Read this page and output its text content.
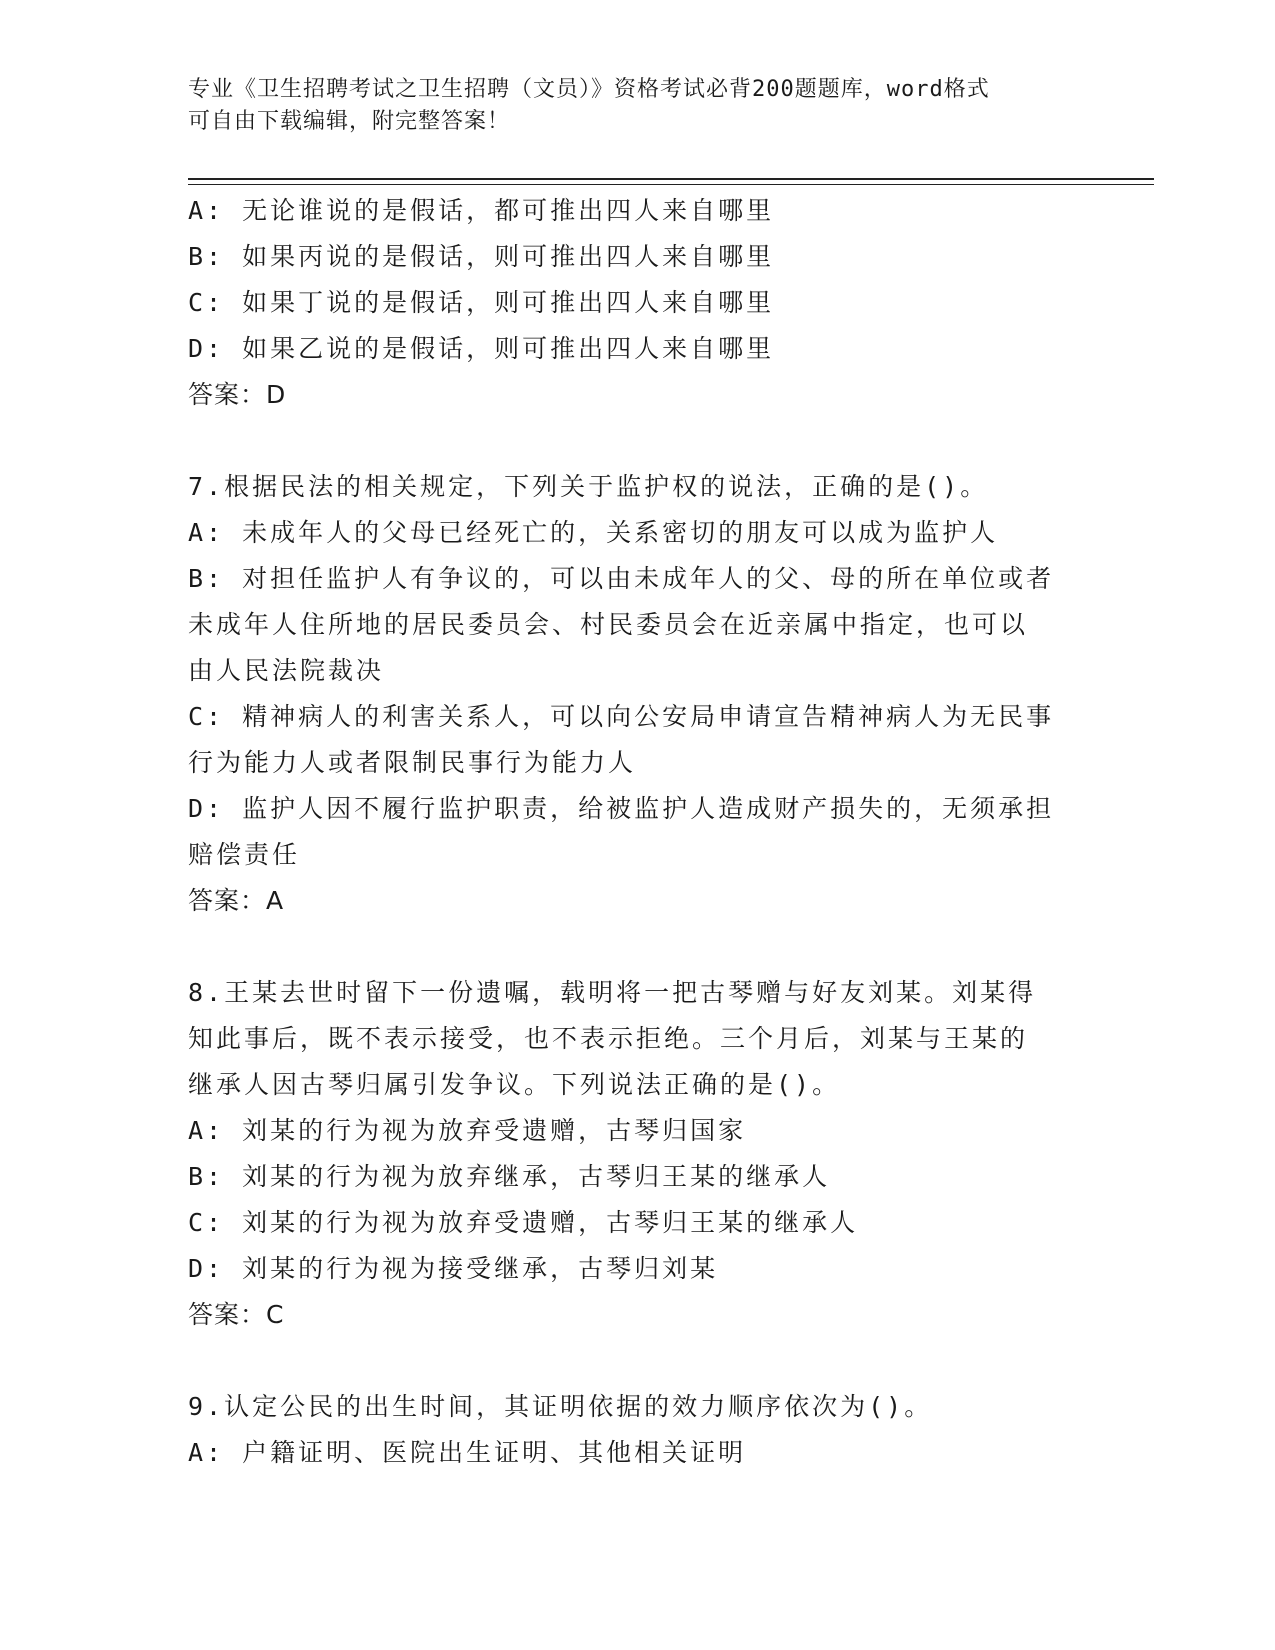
专业《卫生招聘考试之卫生招聘（文员）》资格考试必背200题题库，word格式
可自由下载编辑，附完整答案！
A: 无论谁说的是假话，都可推出四人来自哪里
B: 如果丙说的是假话，则可推出四人来自哪里
C: 如果丁说的是假话，则可推出四人来自哪里
D: 如果乙说的是假话，则可推出四人来自哪里
答案：D
7.根据民法的相关规定，下列关于监护权的说法，正确的是()。
A: 未成年人的父母已经死亡的，关系密切的朋友可以成为监护人
B: 对担任监护人有争议的，可以由未成年人的父、母的所在单位或者
未成年人住所地的居民委员会、村民委员会在近亲属中指定，也可以
由人民法院裁决
C: 精神病人的利害关系人，可以向公安局申请宣告精神病人为无民事
行为能力人或者限制民事行为能力人
D: 监护人因不履行监护职责，给被监护人造成财产损失的，无须承担
赔偿责任
答案：A
8.王某去世时留下一份遗嘱，载明将一把古琴赠与好友刘某。刘某得
知此事后，既不表示接受，也不表示拒绝。三个月后，刘某与王某的
继承人因古琴归属引发争议。下列说法正确的是()。
A: 刘某的行为视为放弃受遗赠，古琴归国家
B: 刘某的行为视为放弃继承，古琴归王某的继承人
C: 刘某的行为视为放弃受遗赠，古琴归王某的继承人
D: 刘某的行为视为接受继承，古琴归刘某
答案：C
9.认定公民的出生时间，其证明依据的效力顺序依次为()。
A: 户籍证明、医院出生证明、其他相关证明
